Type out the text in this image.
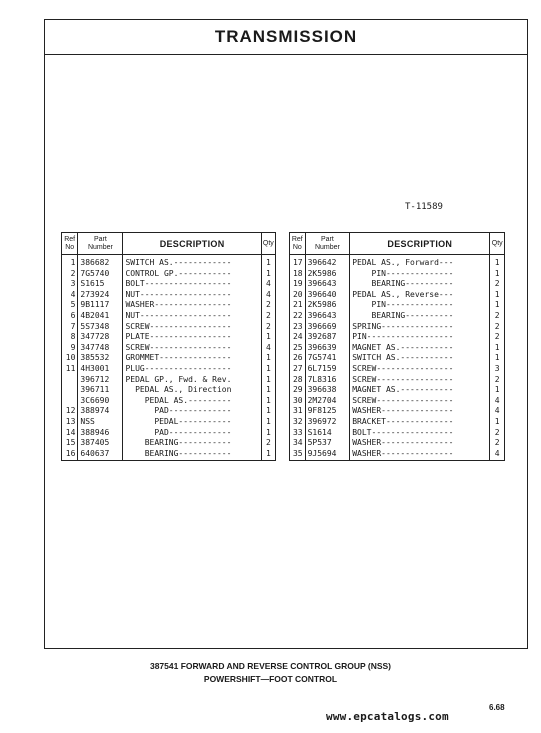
TRANSMISSION
T-11589
Ref
No	Part
Number	DESCRIPTION	Qty
1	386682	SWITCH AS.------------	1
2	7G5740	CONTROL GP.-----------	1
3	S1615	BOLT------------------	4
4	273924	NUT-------------------	4
5	9B1117	WASHER----------------	2
6	4B2041	NUT-------------------	2
7	5S7348	SCREW-----------------	2
8	347728	PLATE-----------------	1
9	347748	SCREW-----------------	4
10	385532	GROMMET---------------	1
11	4H3001	PLUG------------------	1
	396712	PEDAL GP., Fwd. & Rev.	1
	396711	PEDAL AS., Direction	1
	3C6690	PEDAL AS.---------	1
12	388974	PAD-------------	1
13	NSS	PEDAL-----------	1
14	388946	PAD-------------	1
15	387405	BEARING-----------	2
16	640637	BEARING-----------	1
Ref
No	Part
Number	DESCRIPTION	Qty
17	396642	PEDAL AS., Forward---	1
18	2K5986	PIN--------------	1
19	396643	BEARING----------	2
20	396640	PEDAL AS., Reverse---	1
21	2K5986	PIN--------------	1
22	396643	BEARING----------	2
23	396669	SPRING---------------	2
24	392687	PIN------------------	2
25	396639	MAGNET AS.-----------	1
26	7G5741	SWITCH AS.-----------	1
27	6L7159	SCREW----------------	3
28	7L8316	SCREW----------------	2
29	396638	MAGNET AS.-----------	1
30	2M2704	SCREW----------------	4
31	9F8125	WASHER---------------	4
32	396972	BRACKET--------------	1
33	S1614	BOLT-----------------	2
34	5P537	WASHER---------------	2
35	9J5694	WASHER---------------	4
387541 FORWARD AND REVERSE CONTROL GROUP (NSS)
POWERSHIFT—FOOT CONTROL
6.68
www.epcatalogs.com
